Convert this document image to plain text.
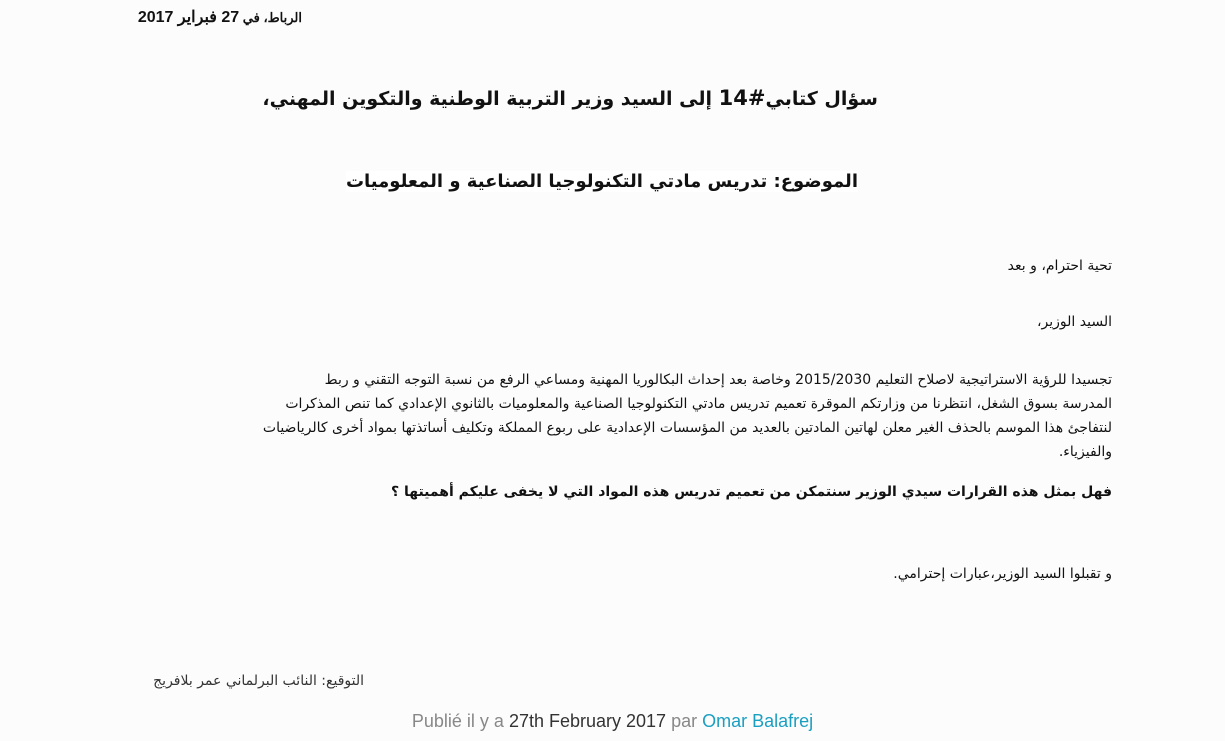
الرباط، في 27 فبراير 2017
سؤال كتابي#14 إلى السيد وزير التربية الوطنية والتكوين المهني،
الموضوع: تدريس مادتي التكنولوجيا الصناعية و المعلوميات
تحية احترام، و بعد
السيد الوزير،
تجسيدا للرؤية الاستراتيجية لاصلاح التعليم 2015/2030 وخاصة بعد إحداث البكالوريا المهنية ومساعي الرفع من نسبة التوجه التقني و ربط
المدرسة بسوق الشغل، انتظرنا من وزارتكم الموقرة تعميم تدريس مادتي التكنولوجيا الصناعية والمعلوميات بالثانوي الإعدادي كما تنص المذكرات
لنتفاجئ هذا الموسم بالحذف الغير معلن لهاتين المادتين بالعديد من المؤسسات الإعدادية على ربوع المملكة وتكليف أساتذتها بمواد أخرى كالرياضيات
والفيزياء.
فهل بمثل هذه القرارات سيدي الوزير سنتمكن من تعميم تدريس هذه المواد التي لا يخفى عليكم أهميتها ؟
و تقبلوا السيد الوزير،عبارات إحترامي.
التوقيع: النائب البرلماني عمر بلافريج
Publié il y a 27th February 2017 par Omar Balafrej
